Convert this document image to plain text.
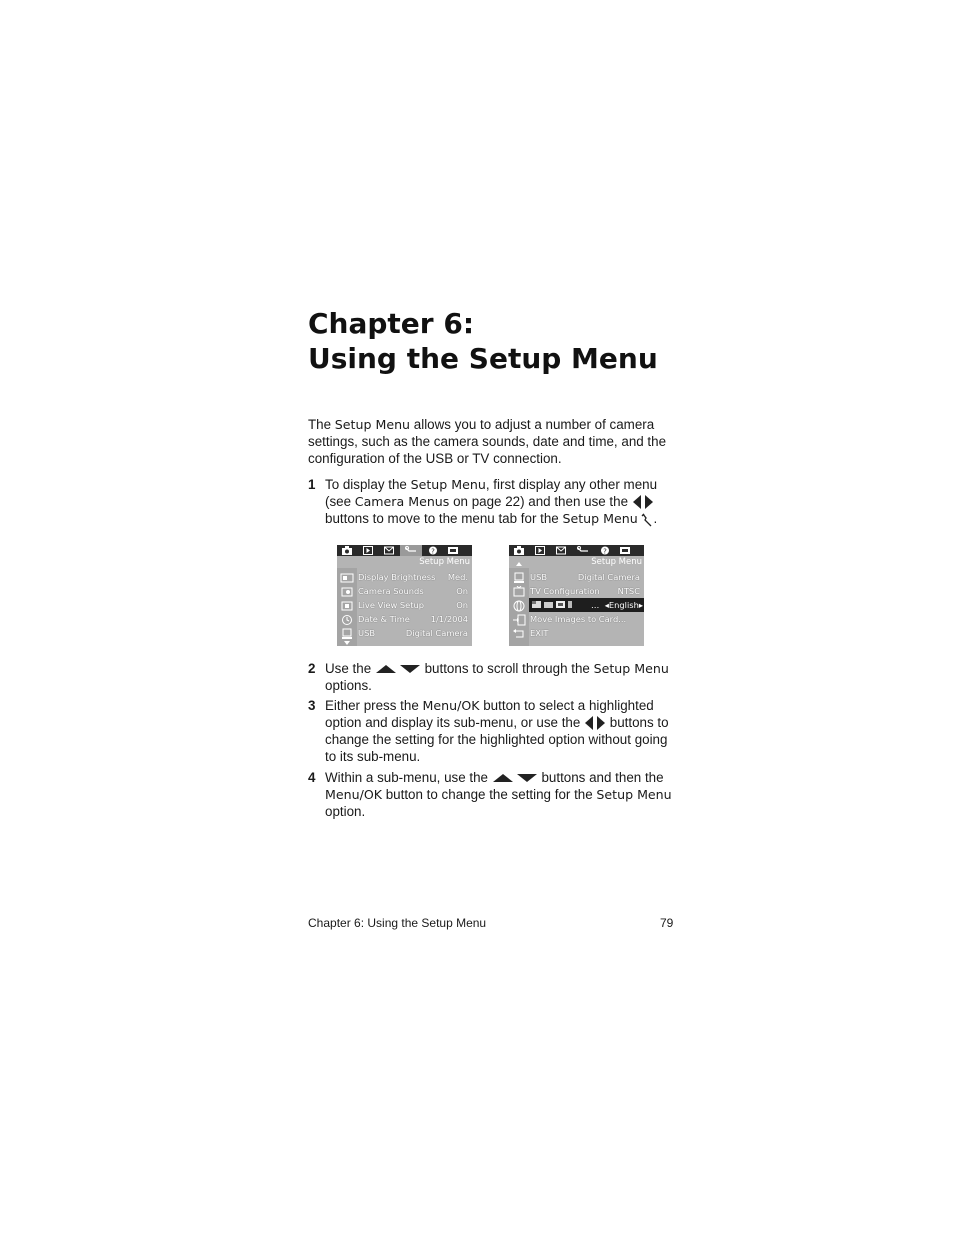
Chapter 6:
Using the Setup Menu
The Setup Menu allows you to adjust a number of camera settings, such as the camera sounds, date and time, and the configuration of the USB or TV connection.
1 To display the Setup Menu, first display any other menu (see Camera Menus on page 22) and then use the
buttons to move to the menu tab for the Setup Menu .
?
Setup Menu
Display Brightness Med.
Camera Sounds	On
Live View Setup	On
Date & Time	1/1/2004
USB	Digital Camera
?
Setup Menu
USB	Digital Camera
TV Configuration NTSC
… ◂English▸
Move Images to Card...
EXIT
2 Use the	buttons to scroll through the Setup Menu options.
3 Either press the Menu/OK button to select a highlighted option and display its sub-menu, or use the
buttons to change the setting for the highlighted option without going to its sub-menu.
4 Within a sub-menu, use the	buttons and then the Menu/OK button to change the setting for the Setup Menu option.
Chapter 6: Using the Setup Menu	79
